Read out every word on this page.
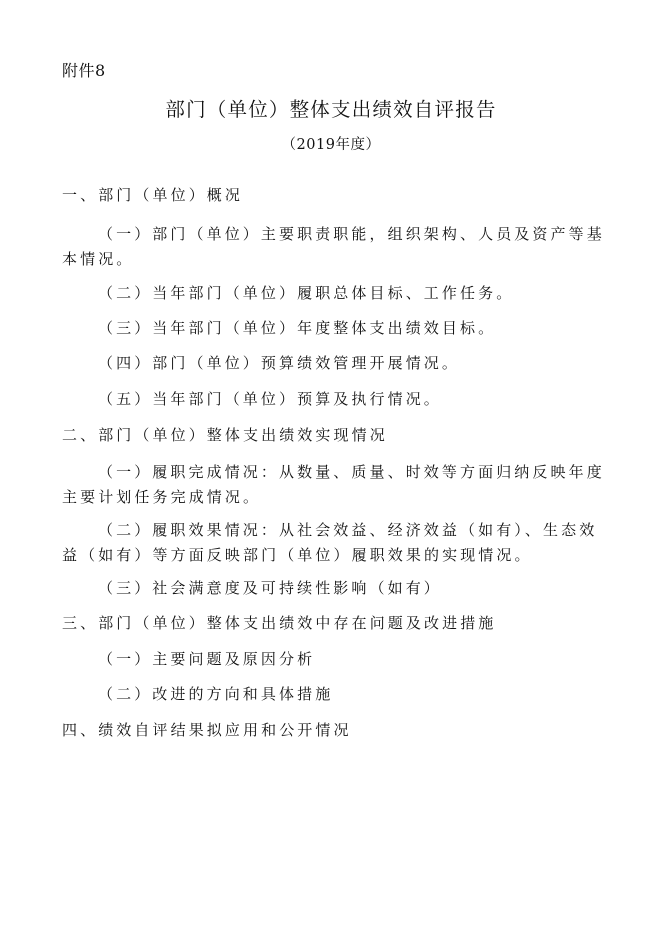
附件8
部门（单位）整体支出绩效自评报告
（2019年度）
一、部门（单位）概况
（一）部门（单位）主要职责职能，组织架构、人员及资产等基本情况。
（二）当年部门（单位）履职总体目标、工作任务。
（三）当年部门（单位）年度整体支出绩效目标。
（四）部门（单位）预算绩效管理开展情况。
（五）当年部门（单位）预算及执行情况。
二、部门（单位）整体支出绩效实现情况
（一）履职完成情况：从数量、质量、时效等方面归纳反映年度主要计划任务完成情况。
（二）履职效果情况：从社会效益、经济效益（如有）、生态效益（如有）等方面反映部门（单位）履职效果的实现情况。
（三）社会满意度及可持续性影响（如有）
三、部门（单位）整体支出绩效中存在问题及改进措施
（一）主要问题及原因分析
（二）改进的方向和具体措施
四、绩效自评结果拟应用和公开情况
